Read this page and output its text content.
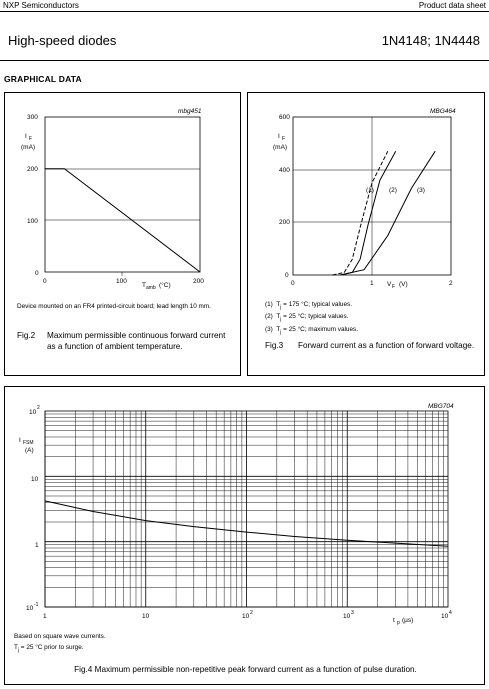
NXP Semiconductors	Product data sheet
High-speed diodes	1N4148; 1N4448
GRAPHICAL DATA
mbg451
300
200
100
0
0	100	200
I F
(mA)
T amb (°C)
Device mounted on an FR4 printed-circuit board; lead length 10 mm.
Fig.2 Maximum permissible continuous forward current as a function of ambient temperature.
MBG464
600
400
200
0
0	1	2
I F
(mA)
V F (V)
(1) (2)	(3)
(1) $T_j = 175$ °C; typical values.
(2) $T_j = 25$ °C; typical values.
(3) $T_j = 25$ °C; maximum values.
Fig.3 Forward current as a function of forward voltage.
MBG704
10
2
10
1
10 -1
1	10	10 2	10 3	10 4
I FSM
(A)
t p (µs)
Based on square wave currents.
$T_j = 25$ °C prior to surge.
Fig.4 Maximum permissible non-repetitive peak forward current as a function of pulse duration.
